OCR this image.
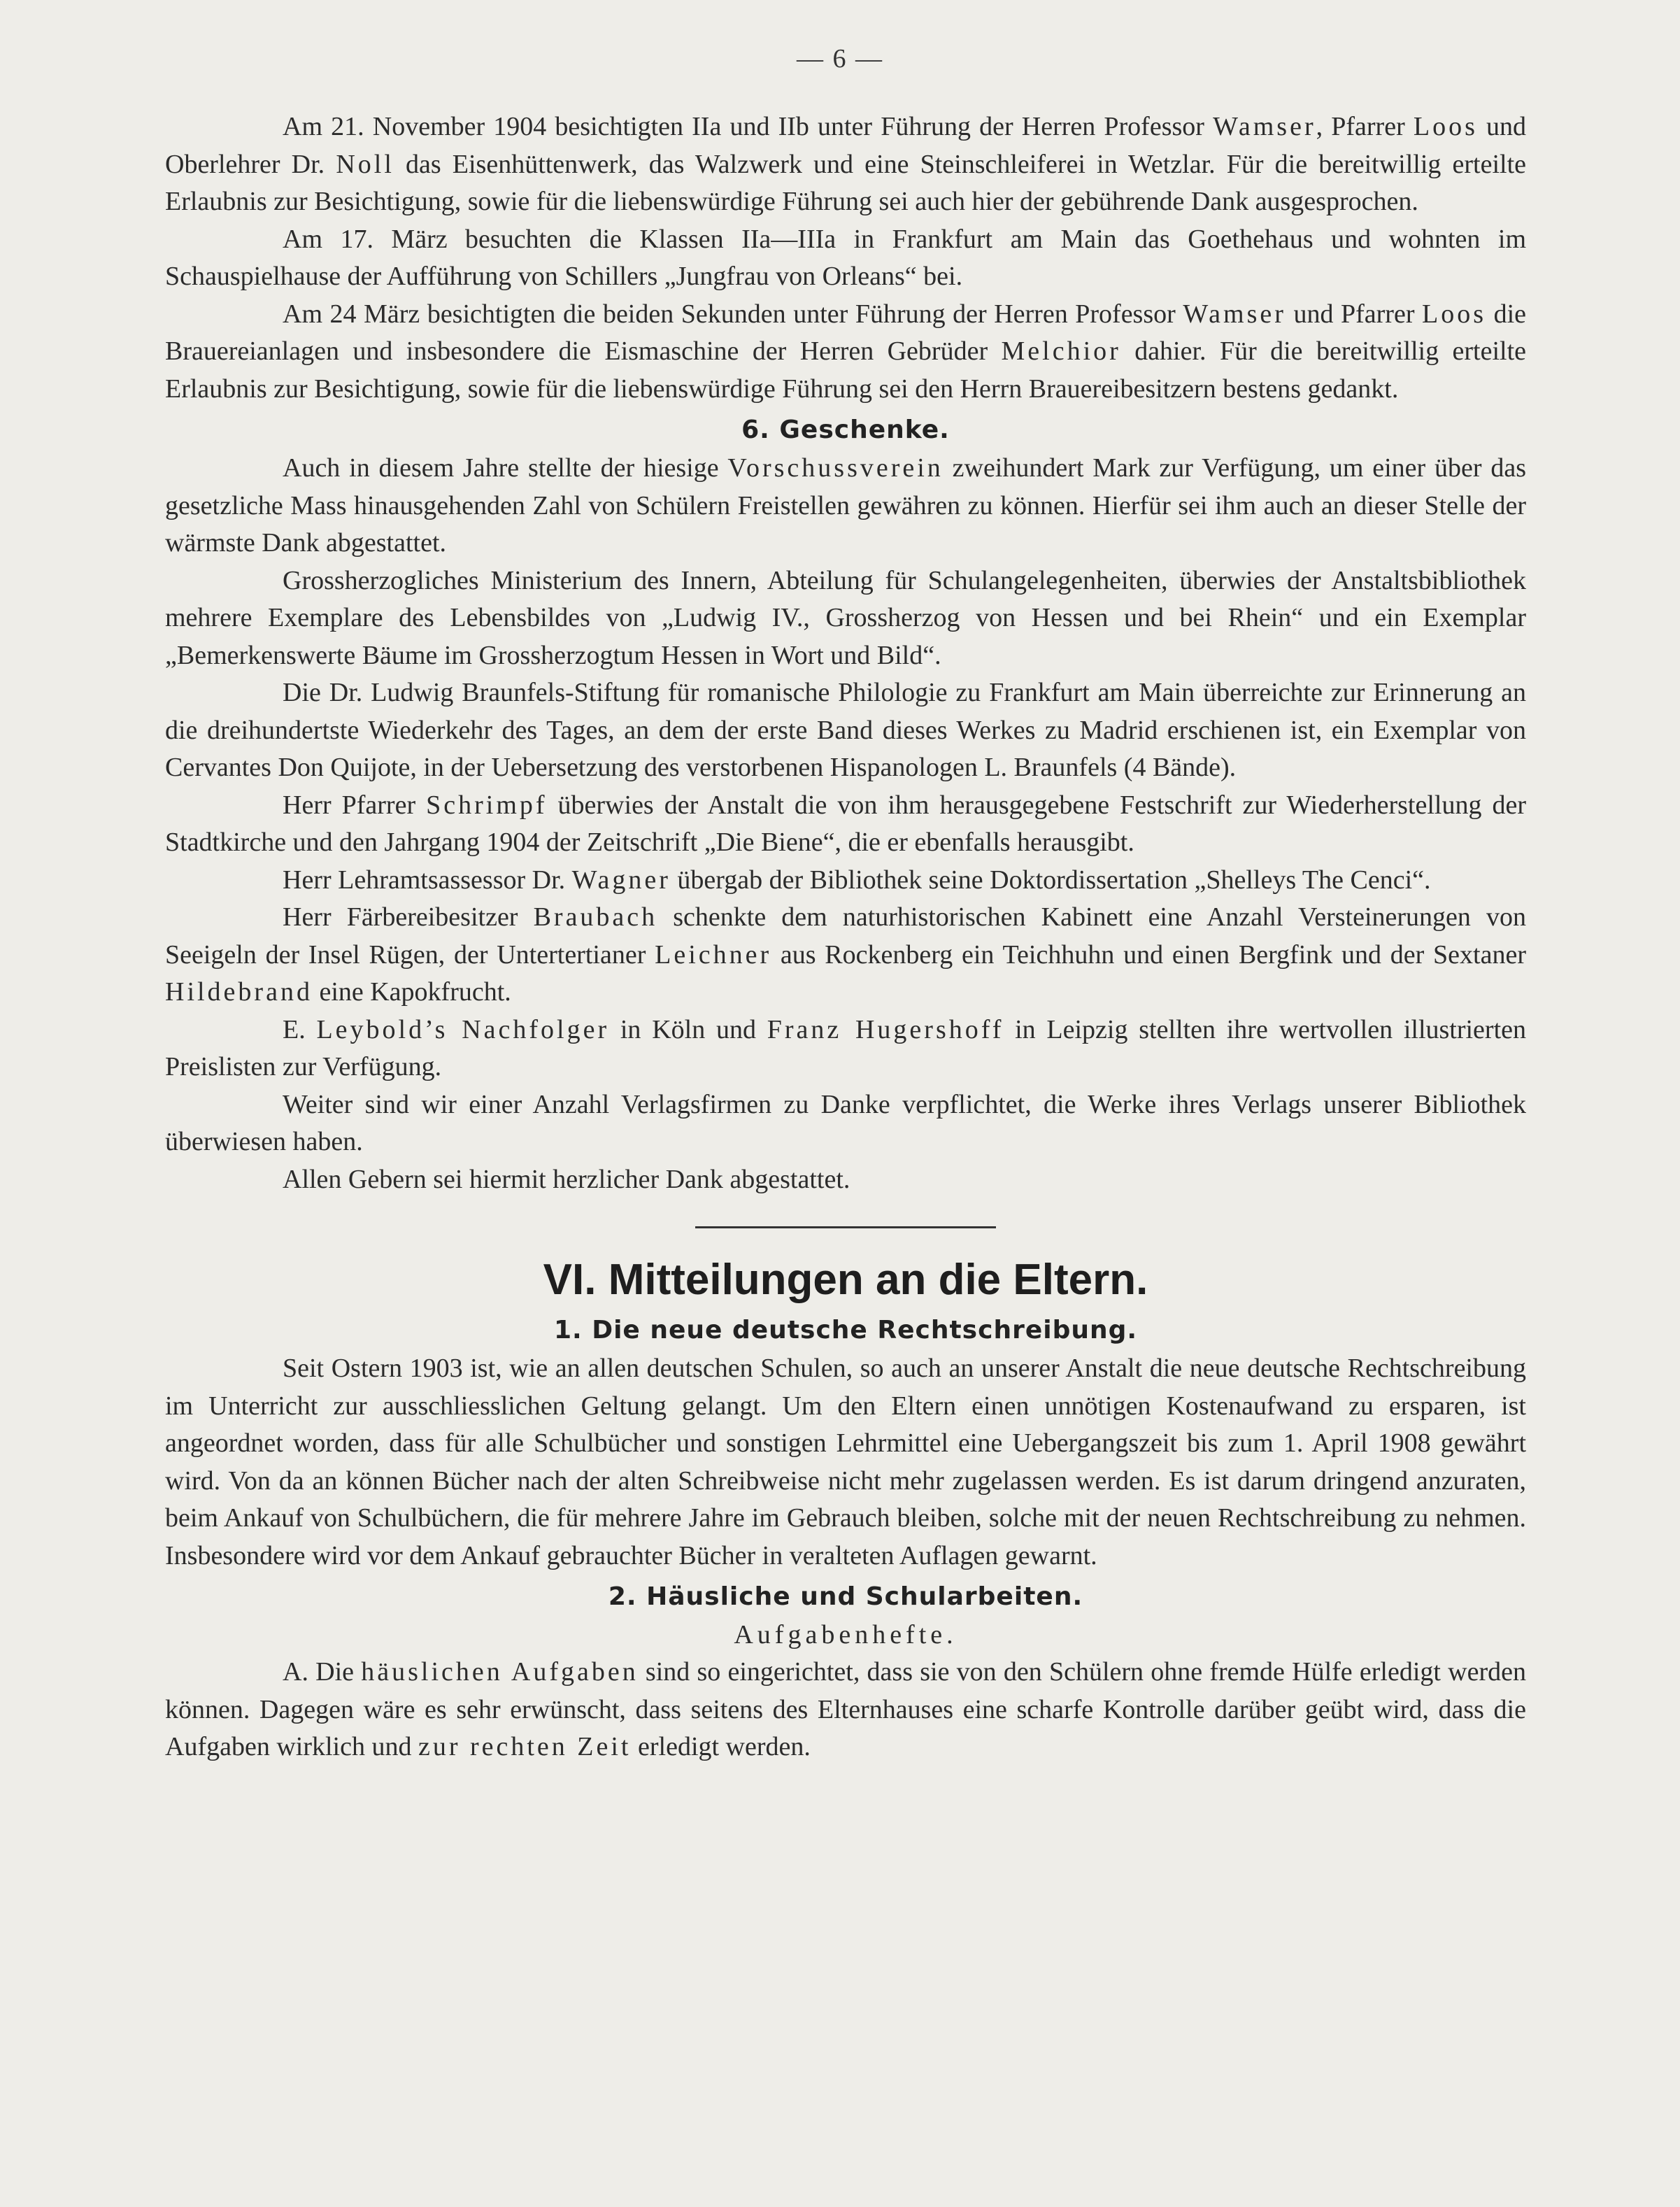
— 6 —

Am 21. November 1904 besichtigten IIa und IIb unter Führung der Herren Professor Wamser, Pfarrer Loos und Oberlehrer Dr. Noll das Eisenhüttenwerk, das Walzwerk und eine Steinschleiferei in Wetzlar. Für die bereitwillig erteilte Erlaubnis zur Besichtigung, sowie für die liebenswürdige Führung sei auch hier der gebührende Dank ausgesprochen.

Am 17. März besuchten die Klassen IIa—IIIa in Frankfurt am Main das Goethehaus und wohnten im Schauspielhause der Aufführung von Schillers „Jungfrau von Orleans“ bei.

Am 24 März besichtigten die beiden Sekunden unter Führung der Herren Professor Wamser und Pfarrer Loos die Brauereianlagen und insbesondere die Eismaschine der Herren Gebrüder Melchior dahier. Für die bereitwillig erteilte Erlaubnis zur Besichtigung, sowie für die liebenswürdige Führung sei den Herrn Brauereibesitzern bestens gedankt.

6. Geschenke.

Auch in diesem Jahre stellte der hiesige Vorschussverein zweihundert Mark zur Verfügung, um einer über das gesetzliche Mass hinausgehenden Zahl von Schülern Freistellen gewähren zu können. Hierfür sei ihm auch an dieser Stelle der wärmste Dank abgestattet.

Grossherzogliches Ministerium des Innern, Abteilung für Schulangelegenheiten, überwies der Anstaltsbibliothek mehrere Exemplare des Lebensbildes von „Ludwig IV., Grossherzog von Hessen und bei Rhein“ und ein Exemplar „Bemerkenswerte Bäume im Grossherzogtum Hessen in Wort und Bild“.

Die Dr. Ludwig Braunfels-Stiftung für romanische Philologie zu Frankfurt am Main überreichte zur Erinnerung an die dreihundertste Wiederkehr des Tages, an dem der erste Band dieses Werkes zu Madrid erschienen ist, ein Exemplar von Cervantes Don Quijote, in der Uebersetzung des verstorbenen Hispanologen L. Braunfels (4 Bände).

Herr Pfarrer Schrimpf überwies der Anstalt die von ihm herausgegebene Festschrift zur Wiederherstellung der Stadtkirche und den Jahrgang 1904 der Zeitschrift „Die Biene“, die er ebenfalls herausgibt.

Herr Lehramtsassessor Dr. Wagner übergab der Bibliothek seine Doktordissertation „Shelleys The Cenci“.

Herr Färbereibesitzer Braubach schenkte dem naturhistorischen Kabinett eine Anzahl Versteinerungen von Seeigeln der Insel Rügen, der Untertertianer Leichner aus Rockenberg ein Teichhuhn und einen Bergfink und der Sextaner Hildebrand eine Kapokfrucht.

E. Leybold’s Nachfolger in Köln und Franz Hugershoff in Leipzig stellten ihre wertvollen illustrierten Preislisten zur Verfügung.

Weiter sind wir einer Anzahl Verlagsfirmen zu Danke verpflichtet, die Werke ihres Verlags unserer Bibliothek überwiesen haben.

Allen Gebern sei hiermit herzlicher Dank abgestattet.

VI. Mitteilungen an die Eltern.
1. Die neue deutsche Rechtschreibung.

Seit Ostern 1903 ist, wie an allen deutschen Schulen, so auch an unserer Anstalt die neue deutsche Rechtschreibung im Unterricht zur ausschliesslichen Geltung gelangt. Um den Eltern einen unnötigen Kostenaufwand zu ersparen, ist angeordnet worden, dass für alle Schulbücher und sonstigen Lehrmittel eine Uebergangszeit bis zum 1. April 1908 gewährt wird. Von da an können Bücher nach der alten Schreibweise nicht mehr zugelassen werden. Es ist darum dringend anzuraten, beim Ankauf von Schulbüchern, die für mehrere Jahre im Gebrauch bleiben, solche mit der neuen Rechtschreibung zu nehmen. Insbesondere wird vor dem Ankauf gebrauchter Bücher in veralteten Auflagen gewarnt.

2. Häusliche und Schularbeiten.
Aufgabenhefte.

A. Die häuslichen Aufgaben sind so eingerichtet, dass sie von den Schülern ohne fremde Hülfe erledigt werden können. Dagegen wäre es sehr erwünscht, dass seitens des Elternhauses eine scharfe Kontrolle darüber geübt wird, dass die Aufgaben wirklich und zur rechten Zeit erledigt werden.
